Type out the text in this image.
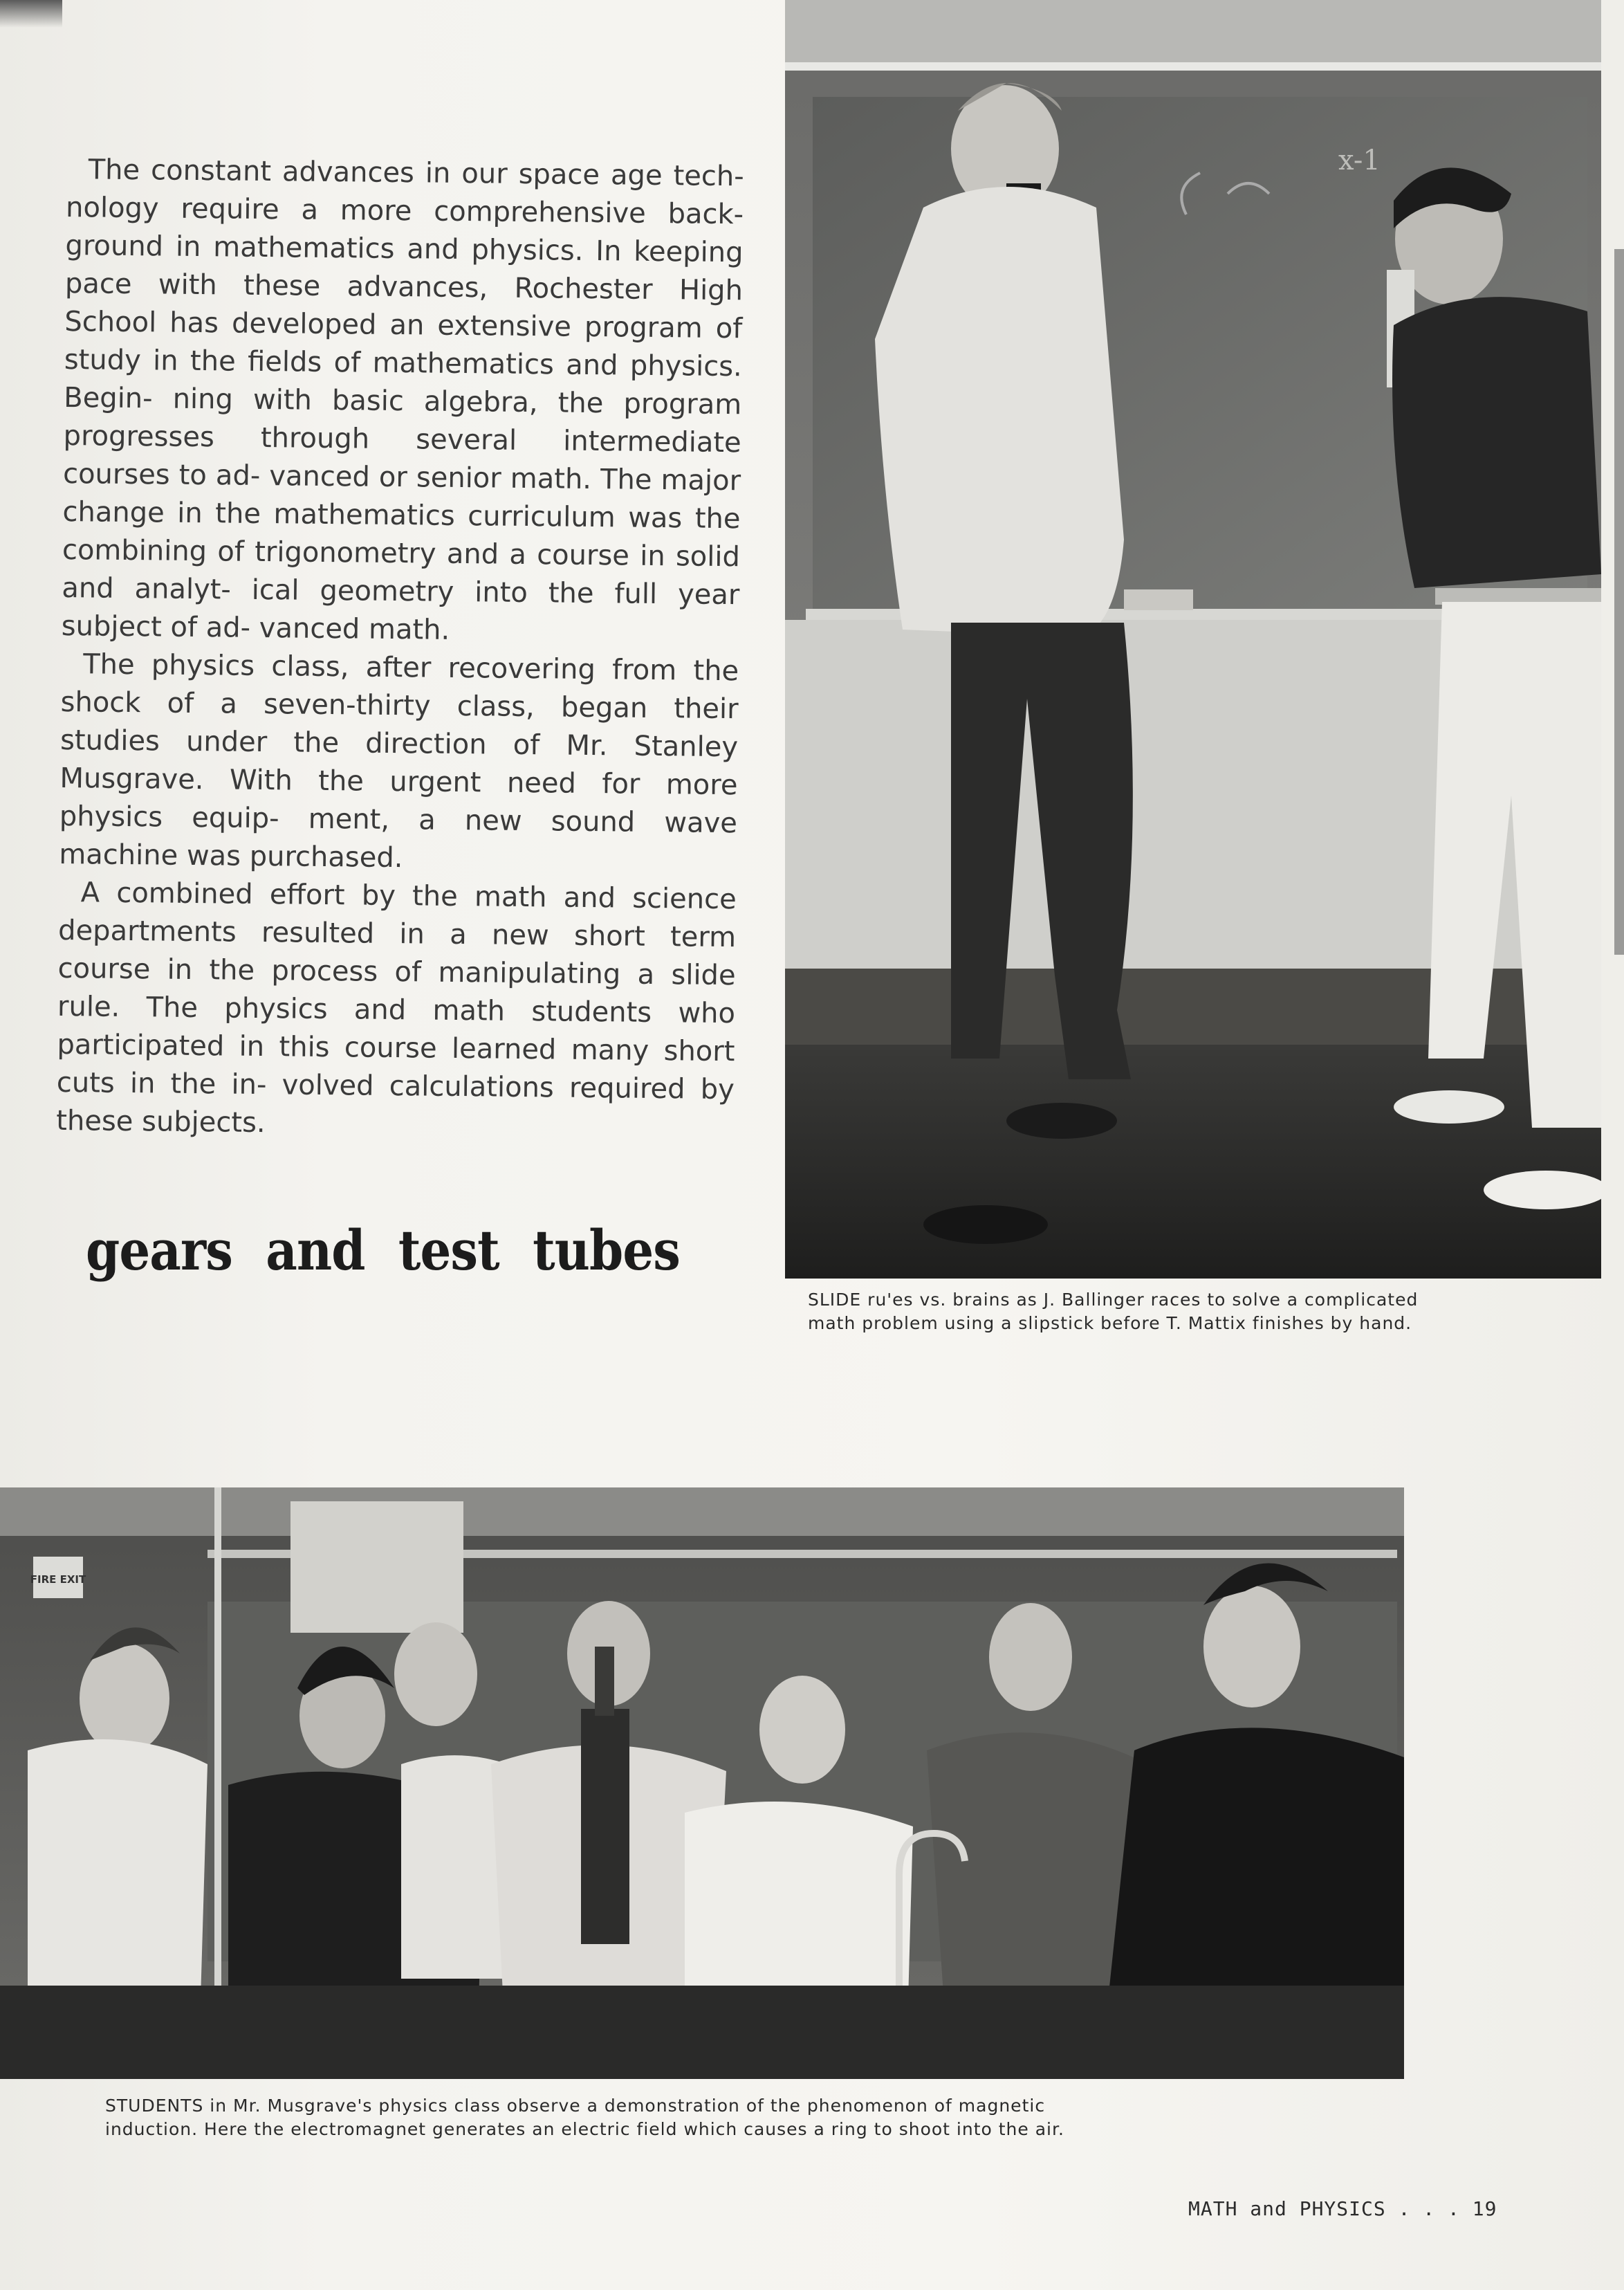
The constant advances in our space age tech- nology require a more comprehensive back- ground in mathematics and physics. In keeping pace with these advances, Rochester High School has developed an extensive program of study in the fields of mathematics and physics. Begin- ning with basic algebra, the program progresses through several intermediate courses to ad- vanced or senior math. The major change in the mathematics curriculum was the combining of trigonometry and a course in solid and analyt- ical geometry into the full year subject of ad- vanced math.

The physics class, after recovering from the shock of a seven-thirty class, began their studies under the direction of Mr. Stanley Musgrave. With the urgent need for more physics equip- ment, a new sound wave machine was purchased.

A combined effort by the math and science departments resulted in a new short term course in the process of manipulating a slide rule. The physics and math students who participated in this course learned many short cuts in the in- volved calculations required by these subjects.

gears and test tubes
x-1
SLIDE ru'es vs. brains as J. Ballinger races to solve a complicated math problem using a slipstick before T. Mattix finishes by hand.
FIRE EXIT
STUDENTS in Mr. Musgrave's physics class observe a demonstration of the phenomenon of magnetic induction. Here the electromagnet generates an electric field which causes a ring to shoot into the air.
MATH and PHYSICS . . . 19
